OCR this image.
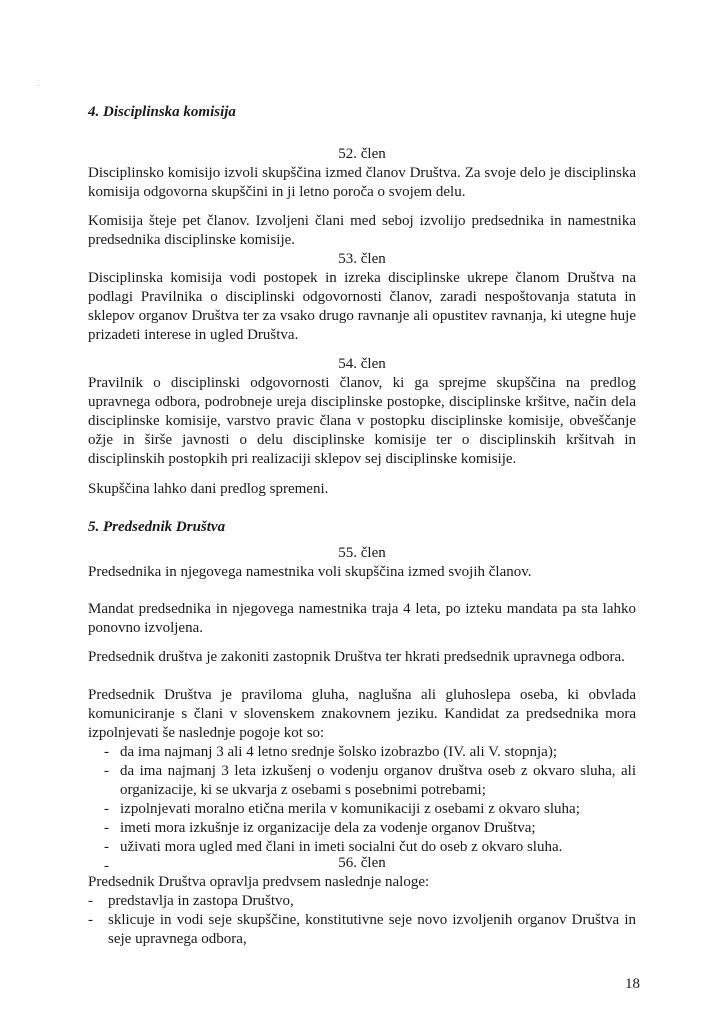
4. Disciplinska komisija
52. člen
Disciplinsko komisijo izvoli skupščina izmed članov Društva. Za svoje delo je disciplinska komisija odgovorna skupščini in ji letno poroča o svojem delu.
Komisija šteje pet članov. Izvoljeni člani med seboj izvolijo predsednika in namestnika predsednika disciplinske komisije.
53. člen
Disciplinska komisija vodi postopek in izreka disciplinske ukrepe članom Društva na podlagi Pravilnika o disciplinski odgovornosti članov, zaradi nespoštovanja statuta in sklepov organov Društva ter za vsako drugo ravnanje ali opustitev ravnanja, ki utegne huje prizadeti interese in ugled Društva.
54. člen
Pravilnik o disciplinski odgovornosti članov, ki ga sprejme skupščina na predlog upravnega odbora, podrobneje ureja disciplinske postopke, disciplinske kršitve, način dela disciplinske komisije, varstvo pravic člana v postopku disciplinske komisije, obveščanje ožje in širše javnosti o delu disciplinske komisije ter o disciplinskih kršitvah in disciplinskih postopkih pri realizaciji sklepov sej disciplinske komisije.
Skupščina lahko dani predlog spremeni.
5. Predsednik Društva
55. člen
Predsednika in njegovega namestnika voli skupščina izmed svojih članov.
Mandat predsednika in njegovega namestnika traja 4 leta, po izteku mandata pa sta lahko ponovno izvoljena.
Predsednik društva je zakoniti zastopnik Društva ter hkrati predsednik upravnega odbora.
Predsednik Društva je praviloma gluha, naglušna ali gluhoslepa oseba, ki obvlada komuniciranje s člani v slovenskem znakovnem jeziku. Kandidat za predsednika mora izpolnjevati še naslednje pogoje kot so:
- da ima najmanj 3 ali 4 letno srednje šolsko izobrazbo (IV. ali V. stopnja);
- da ima najmanj 3 leta izkušenj o vodenju organov društva oseb z okvaro sluha, ali organizacije, ki se ukvarja z osebami s posebnimi potrebami;
- izpolnjevati moralno etična merila v komunikaciji z osebami z okvaro sluha;
- imeti mora izkušnje iz organizacije dela za vodenje organov Društva;
- uživati mora ugled med člani in imeti socialni čut do oseb z okvaro sluha.
56. člen
Predsednik Društva opravlja predvsem naslednje naloge:
- predstavlja in zastopa Društvo,
- sklicuje in vodi seje skupščine, konstitutivne seje novo izvoljenih organov Društva in seje upravnega odbora,
18
